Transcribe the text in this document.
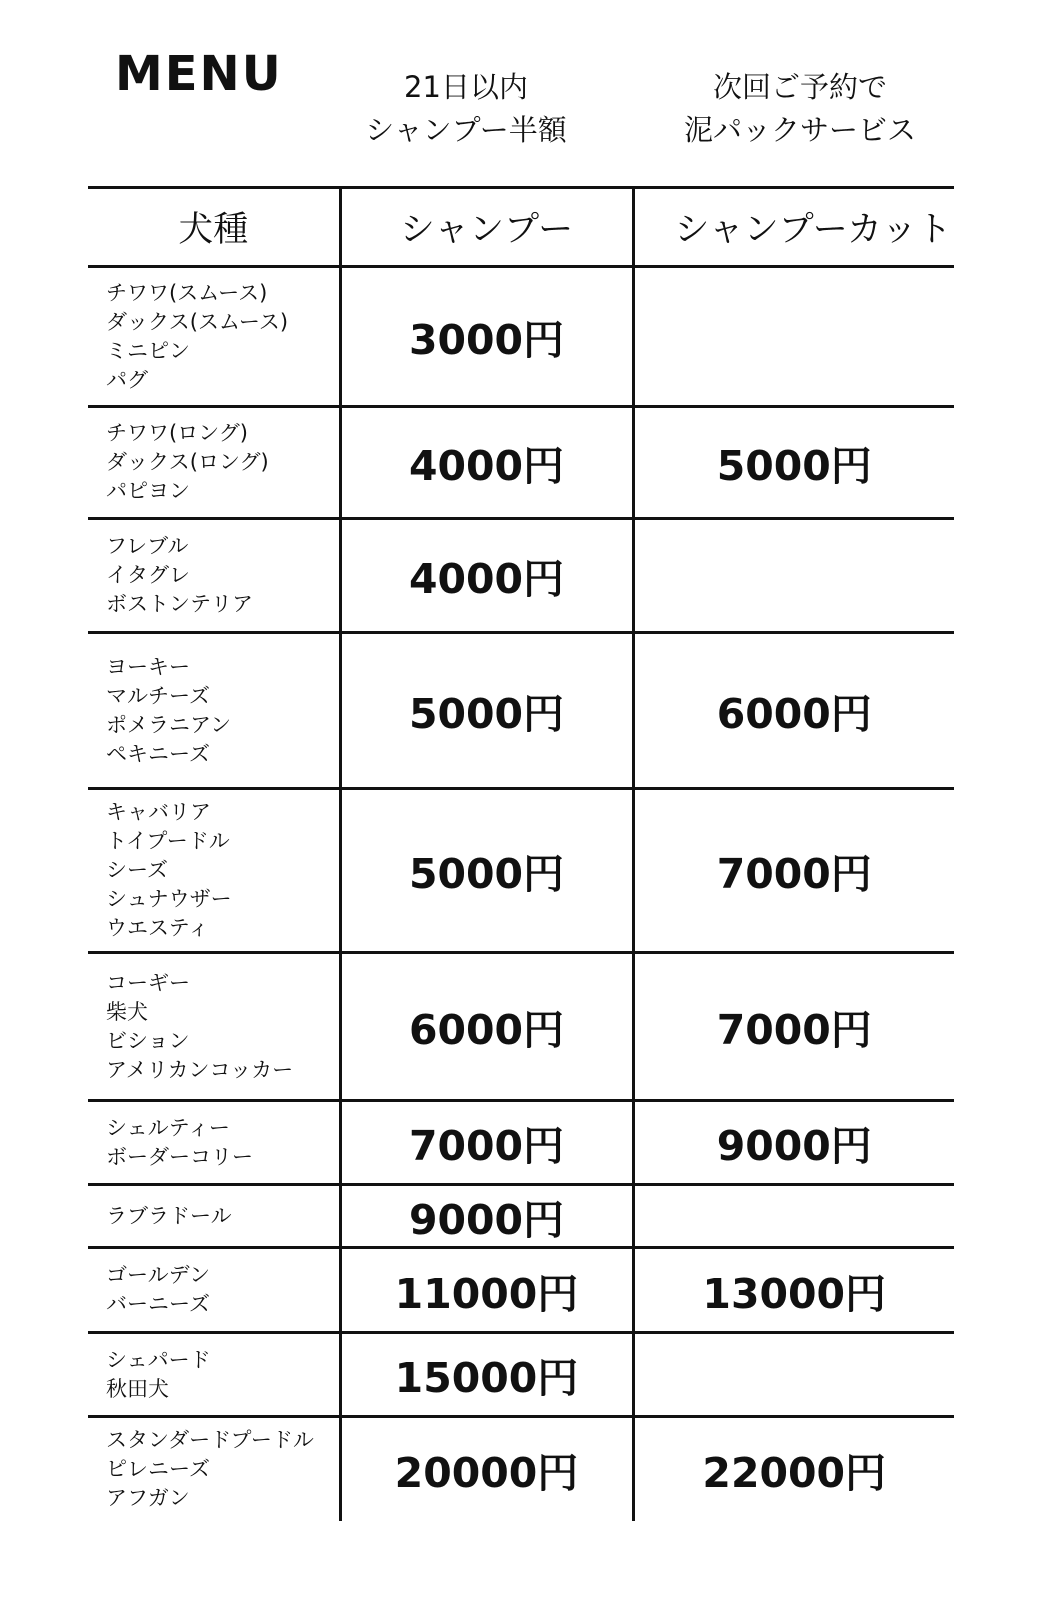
MENU	21日以内
シャンプー半額
次回ご予約で
泥パックサービス
犬種	シャンプー	シャンプーカット

チワワ(スムース)
ダックス(スムース)
ミニピン
パグ	3000円	

チワワ(ロング)
ダックス(ロング)
パピヨン	4000円	5000円

フレブル
イタグレ
ボストンテリア	4000円	

ヨーキー
マルチーズ
ポメラニアン
ペキニーズ	5000円	6000円

キャバリア
トイプードル
シーズ
シュナウザー
ウエスティ	5000円	7000円

コーギー
柴犬
ビション
アメリカンコッカー	6000円	7000円

シェルティー
ボーダーコリー	7000円	9000円

ラブラドール	9000円	

ゴールデン
バーニーズ	11000円	13000円

シェパード
秋田犬	15000円	

スタンダードプードル
ピレニーズ
アフガン	20000円	22000円
